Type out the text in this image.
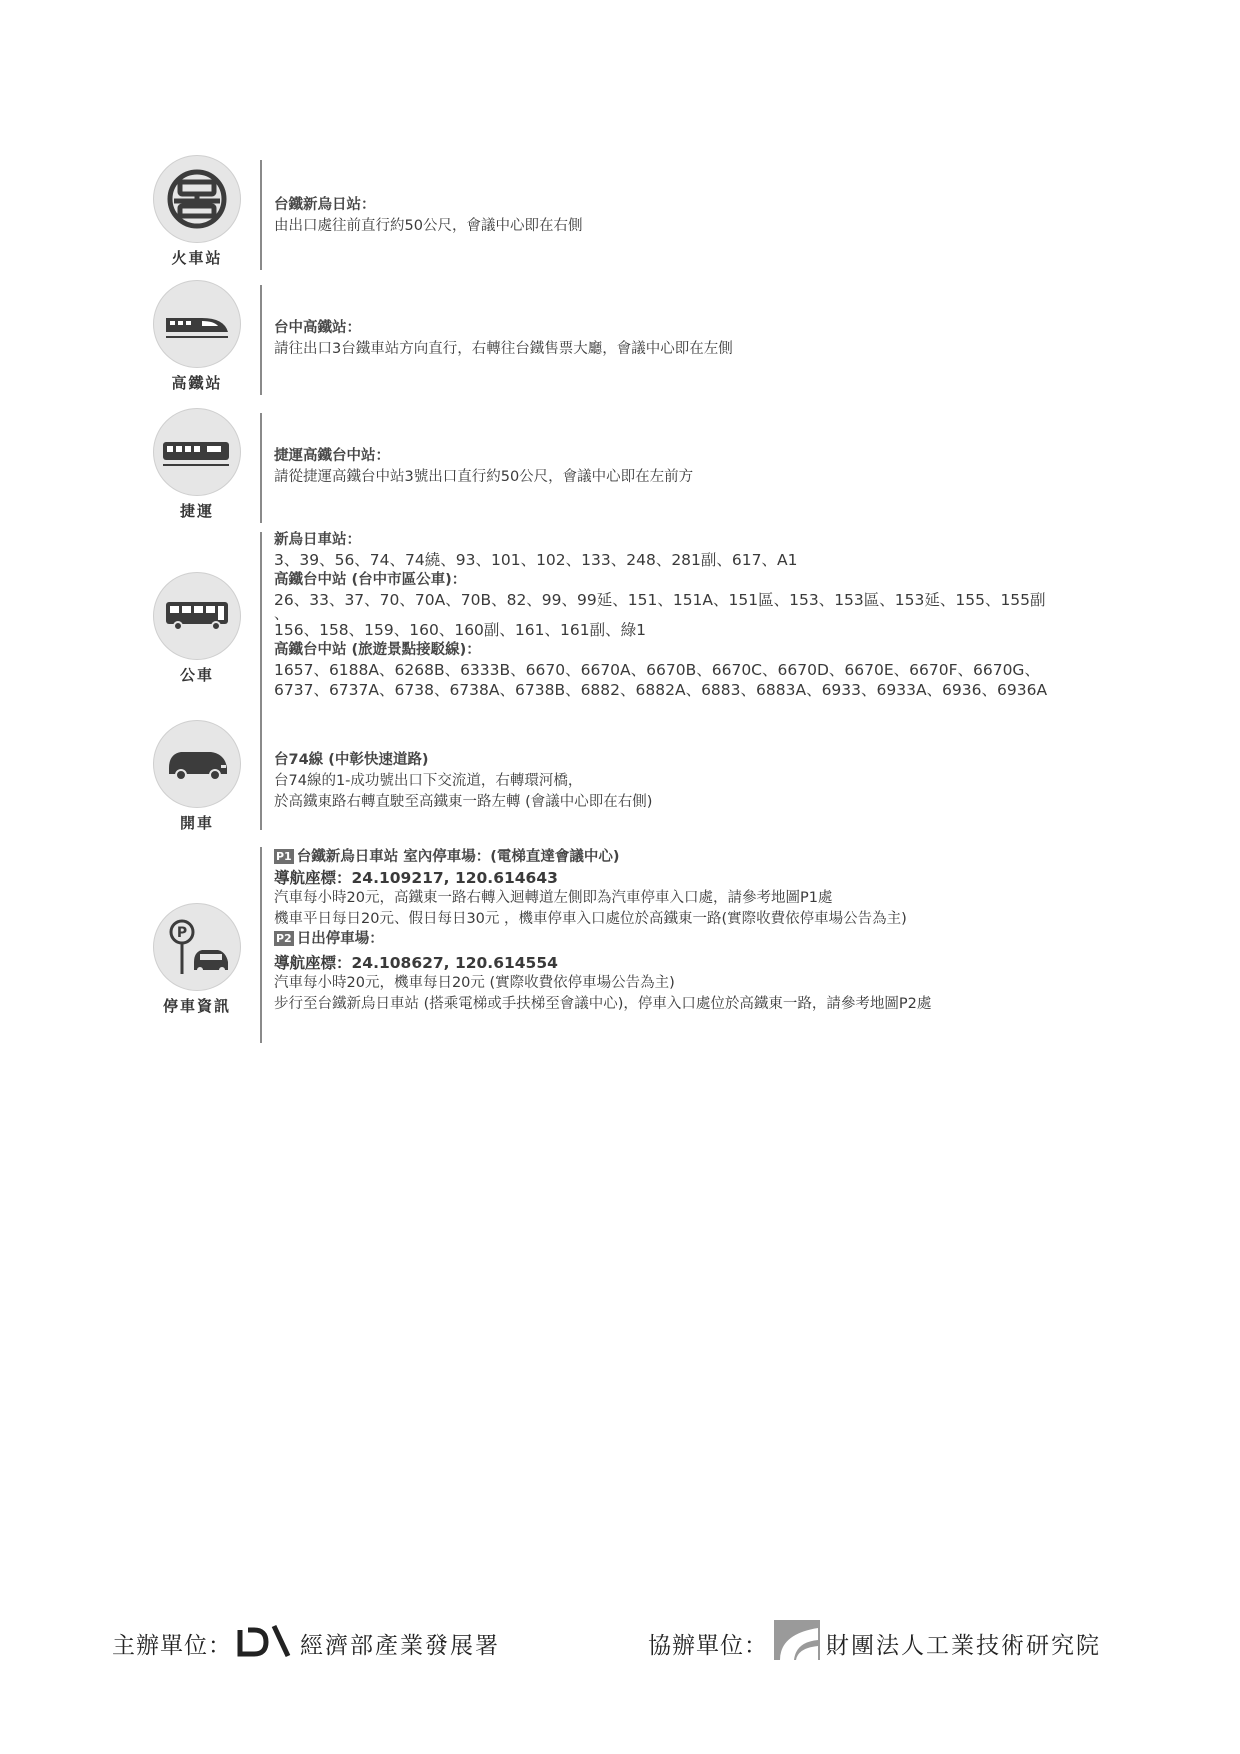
火車站
台鐵新烏日站：
由出口處往前直行約50公尺，會議中心即在右側
高鐵站
台中高鐵站：
請往出口3台鐵車站方向直行，右轉往台鐵售票大廳，會議中心即在左側
捷運
捷運高鐵台中站：
請從捷運高鐵台中站3號出口直行約50公尺，會議中心即在左前方
公車
新烏日車站：
3、39、56、74、74繞、93、101、102、133、248、281副、617、A1
高鐵台中站 (台中市區公車)：
26、33、37、70、70A、70B、82、99、99延、151、151A、151區、153、153區、153延、155、155副
、
156、158、159、160、160副、161、161副、綠1
高鐵台中站 (旅遊景點接駁線)：
1657、6188A、6268B、6333B、6670、6670A、6670B、6670C、6670D、6670E、6670F、6670G、
6737、6737A、6738、6738A、6738B、6882、6882A、6883、6883A、6933、6933A、6936、6936A
開車
台74線 (中彰快速道路)
台74線的1-成功號出口下交流道，右轉環河橋，
於高鐵東路右轉直駛至高鐵東一路左轉 (會議中心即在右側)
P
停車資訊
P1 台鐵新烏日車站 室內停車場：(電梯直達會議中心)
導航座標：24.109217, 120.614643
汽車每小時20元，高鐵東一路右轉入迴轉道左側即為汽車停車入口處，請參考地圖P1處
機車平日每日20元、假日每日30元 ，機車停車入口處位於高鐵東一路(實際收費依停車場公告為主)
P2 日出停車場：
導航座標：24.108627, 120.614554
汽車每小時20元，機車每日20元 (實際收費依停車場公告為主)
步行至台鐵新烏日車站 (搭乘電梯或手扶梯至會議中心)，停車入口處位於高鐵東一路，請參考地圖P2處
主辦單位：	經濟部產業發展署	協辦單位：	財團法人工業技術研究院
